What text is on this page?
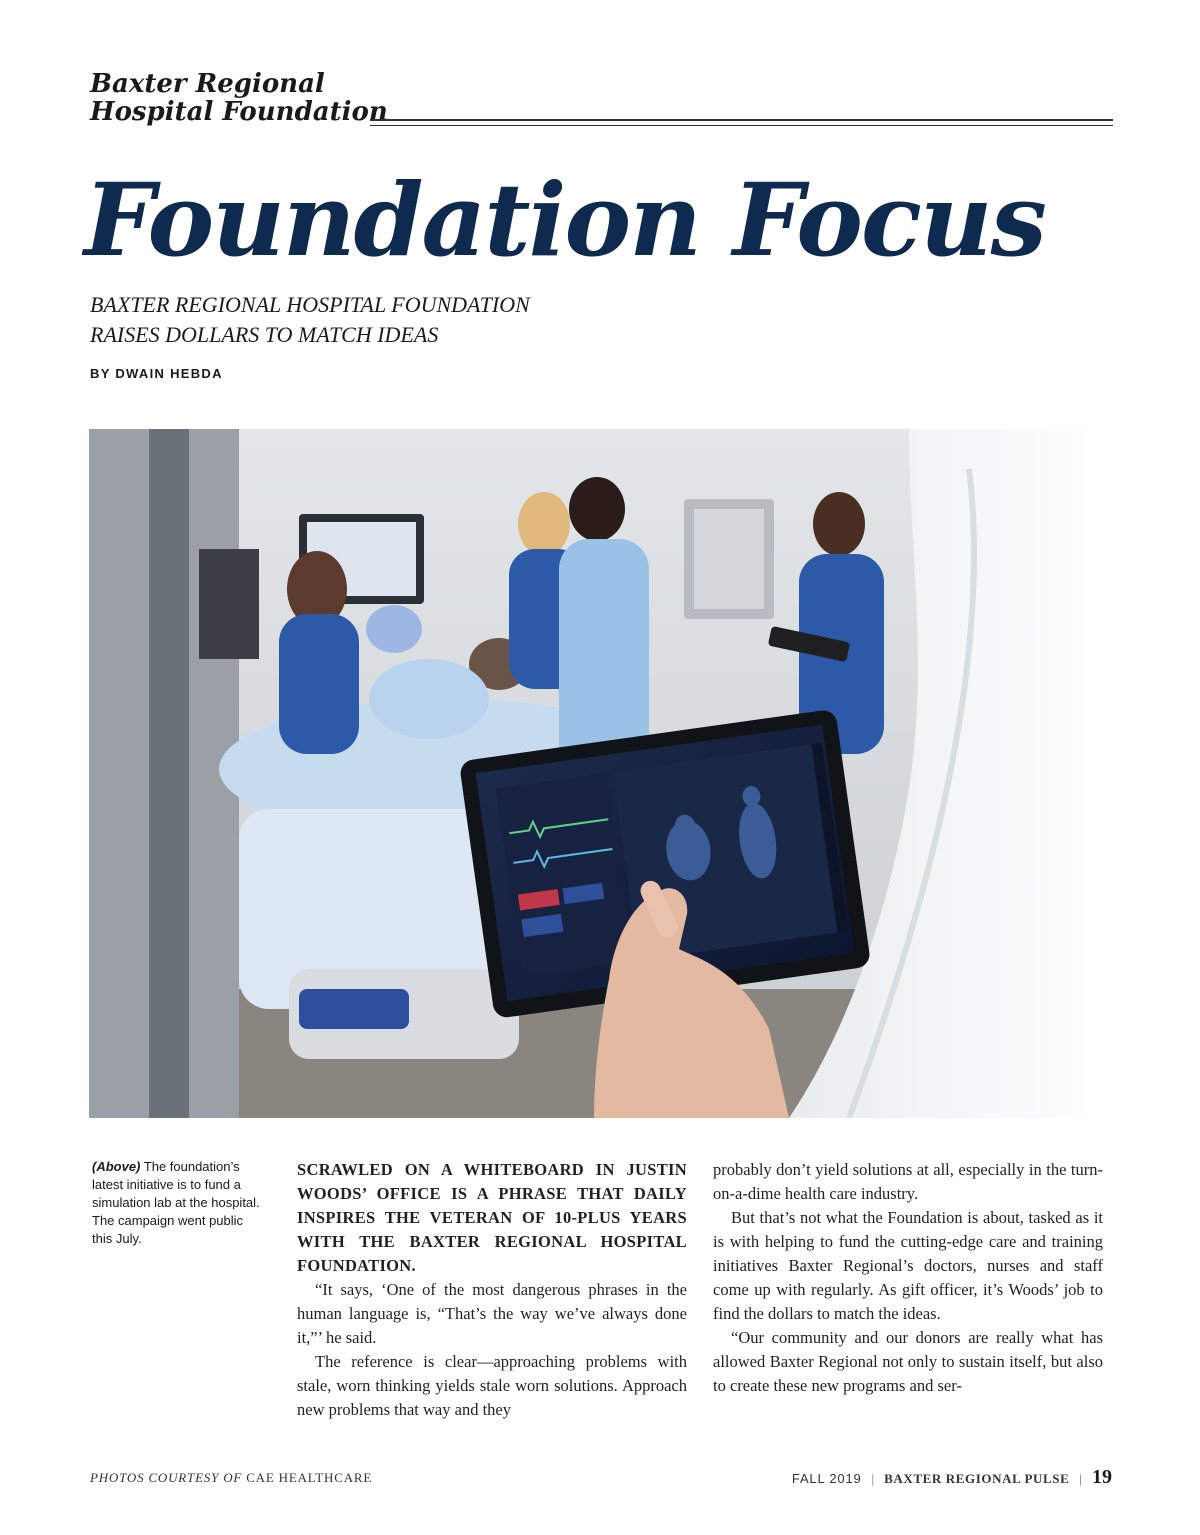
Baxter Regional
Hospital Foundation
Foundation Focus
BAXTER REGIONAL HOSPITAL FOUNDATION
RAISES DOLLARS TO MATCH IDEAS
BY DWAIN HEBDA
(Above) The foundation’s latest initiative is to fund a simulation lab at the hospital. The campaign went public this July.

SCRAWLED ON A WHITEBOARD IN JUSTIN WOODS’ OFFICE IS A PHRASE THAT DAILY INSPIRES THE VETERAN OF 10-PLUS YEARS WITH THE BAXTER REGIONAL HOSPITAL FOUNDATION.

“It says, ‘One of the most dangerous phrases in the human language is, “That’s the way we’ve always done it,”’ he said.

The reference is clear—approaching problems with stale, worn thinking yields stale worn solutions. Approach new problems that way and they

probably don’t yield solutions at all, especially in the turn-on-a-dime health care industry.

But that’s not what the Foundation is about, tasked as it is with helping to fund the cutting-edge care and training initiatives Baxter Regional’s doctors, nurses and staff come up with regularly. As gift officer, it’s Woods’ job to find the dollars to match the ideas.

“Our community and our donors are really what has allowed Baxter Regional not only to sustain itself, but also to create these new programs and ser-

PHOTOS COURTESY OF CAE HEALTHCARE	FALL 2019 | BAXTER REGIONAL PULSE | 19
